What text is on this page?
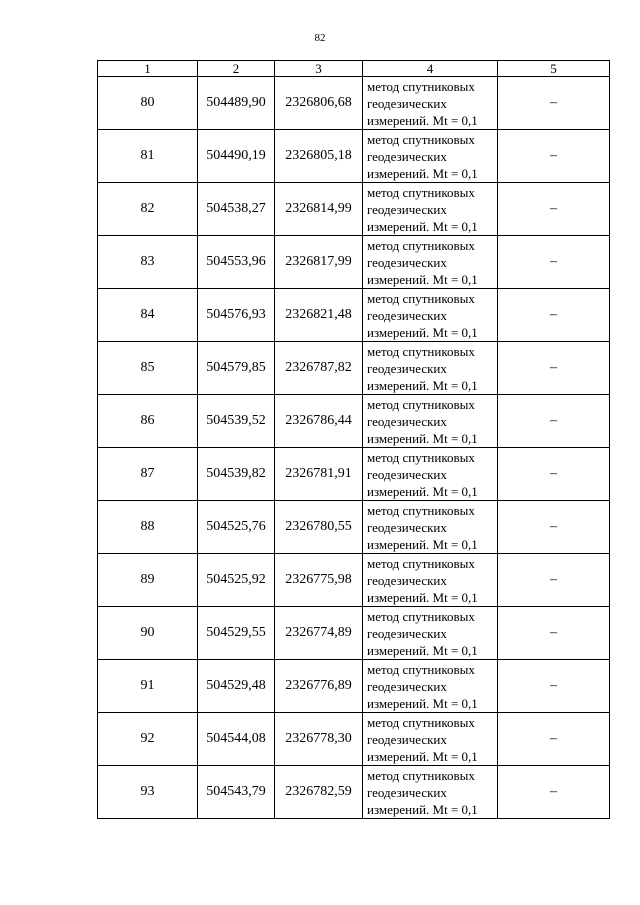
82
1	2	3	4	5
80	504489,90	2326806,68	метод спутниковых
геодезических
измерений. Mt = 0,1	–
81	504490,19	2326805,18	метод спутниковых
геодезических
измерений. Mt = 0,1	–
82	504538,27	2326814,99	метод спутниковых
геодезических
измерений. Mt = 0,1	–
83	504553,96	2326817,99	метод спутниковых
геодезических
измерений. Mt = 0,1	–
84	504576,93	2326821,48	метод спутниковых
геодезических
измерений. Mt = 0,1	–
85	504579,85	2326787,82	метод спутниковых
геодезических
измерений. Mt = 0,1	–
86	504539,52	2326786,44	метод спутниковых
геодезических
измерений. Mt = 0,1	–
87	504539,82	2326781,91	метод спутниковых
геодезических
измерений. Mt = 0,1	–
88	504525,76	2326780,55	метод спутниковых
геодезических
измерений. Mt = 0,1	–
89	504525,92	2326775,98	метод спутниковых
геодезических
измерений. Mt = 0,1	–
90	504529,55	2326774,89	метод спутниковых
геодезических
измерений. Mt = 0,1	–
91	504529,48	2326776,89	метод спутниковых
геодезических
измерений. Mt = 0,1	–
92	504544,08	2326778,30	метод спутниковых
геодезических
измерений. Mt = 0,1	–
93	504543,79	2326782,59	метод спутниковых
геодезических
измерений. Mt = 0,1	–
